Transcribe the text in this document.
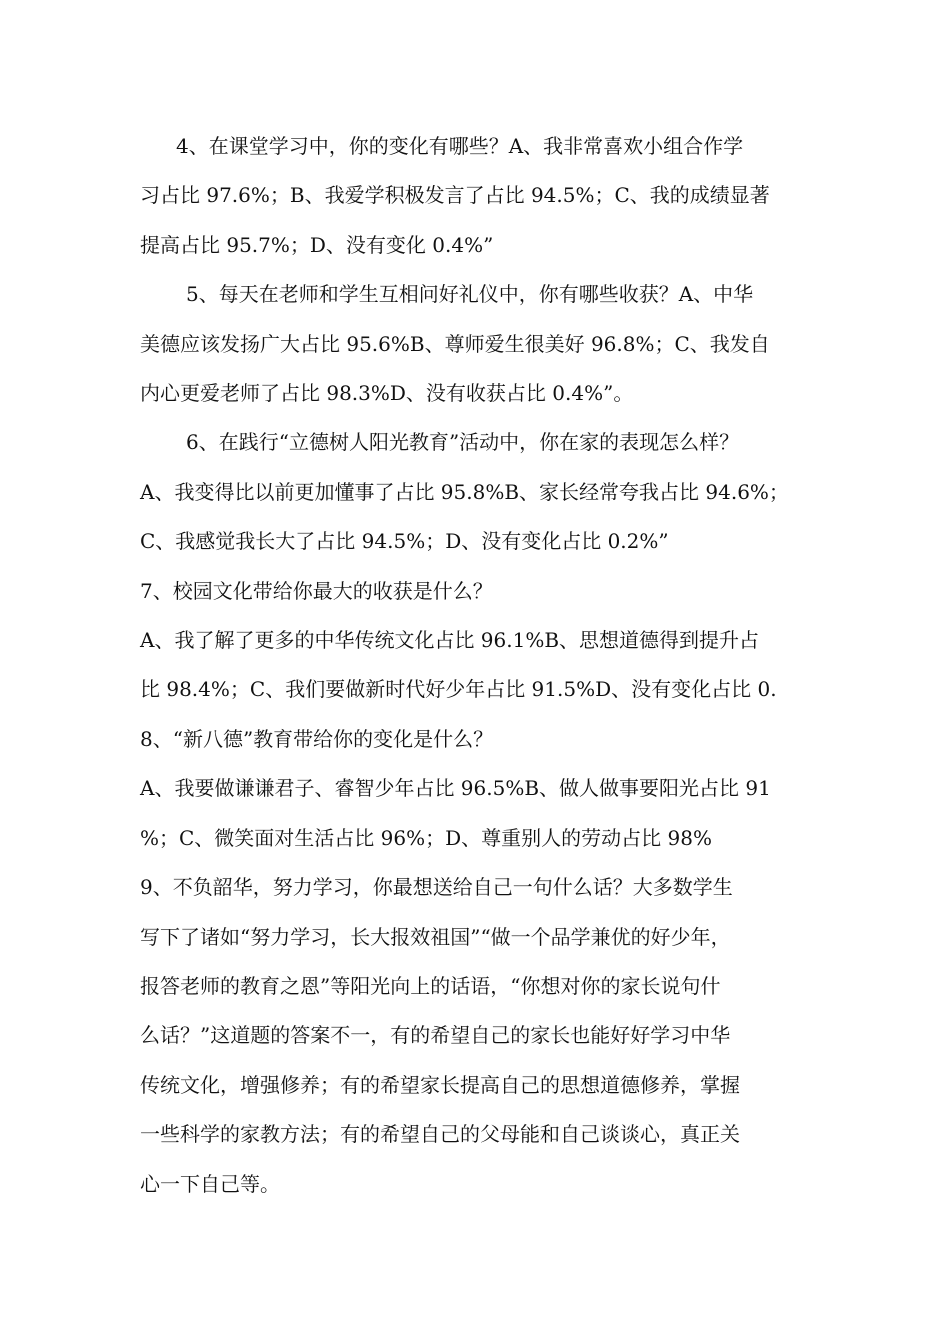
4、在课堂学习中，你的变化有哪些？A、我非常喜欢小组合作学
习占比 97.6%；B、我爱学积极发言了占比 94.5%；C、我的成绩显著
提高占比 95.7%；D、没有变化 0.4%”
5、每天在老师和学生互相问好礼仪中，你有哪些收获？A、中华
美德应该发扬广大占比 95.6%B、尊师爱生很美好 96.8%；C、我发自
内心更爱老师了占比 98.3%D、没有收获占比 0.4%”。
6、在践行“立德树人阳光教育”活动中，你在家的表现怎么样？
A、我变得比以前更加懂事了占比 95.8%B、家长经常夸我占比 94.6%；
C、我感觉我长大了占比 94.5%；D、没有变化占比 0.2%”
7、校园文化带给你最大的收获是什么？
A、我了解了更多的中华传统文化占比 96.1%B、思想道德得到提升占
比 98.4%；C、我们要做新时代好少年占比 91.5%D、没有变化占比 0.
8、“新八德”教育带给你的变化是什么？
A、我要做谦谦君子、睿智少年占比 96.5%B、做人做事要阳光占比 91
%；C、微笑面对生活占比 96%；D、尊重别人的劳动占比 98%
9、不负韶华，努力学习，你最想送给自己一句什么话？大多数学生
写下了诸如“努力学习，长大报效祖国”“做一个品学兼优的好少年，
报答老师的教育之恩”等阳光向上的话语，“你想对你的家长说句什
么话？”这道题的答案不一，有的希望自己的家长也能好好学习中华
传统文化，增强修养；有的希望家长提高自己的思想道德修养，掌握
一些科学的家教方法；有的希望自己的父母能和自己谈谈心，真正关
心一下自己等。
